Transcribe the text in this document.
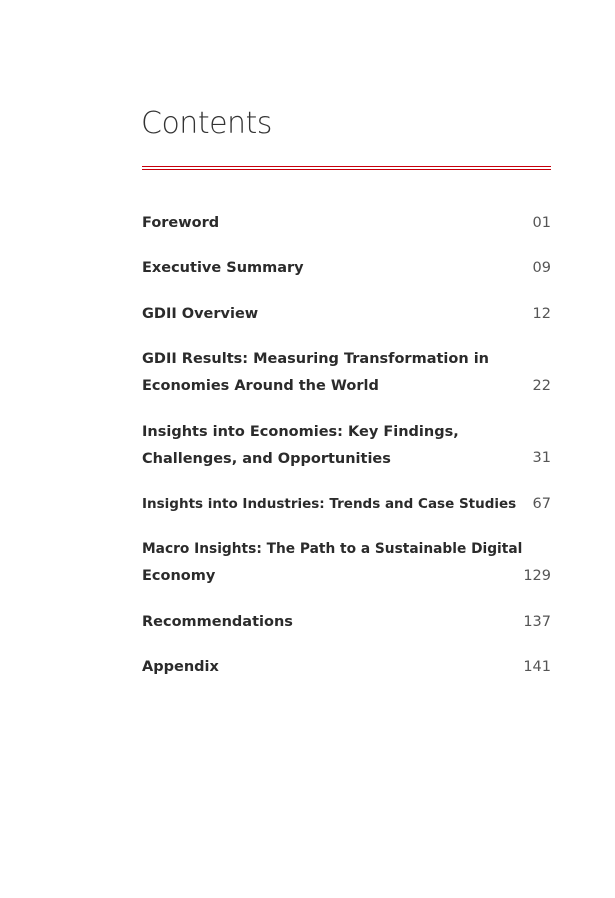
Contents
Foreword	01
Executive Summary	09
GDII Overview	12
GDII Results: Measuring Transformation in
Economies Around the World	22
Insights into Economies: Key Findings,
Challenges, and Opportunities	31
Insights into Industries: Trends and Case Studies	67
Macro Insights: The Path to a Sustainable Digital
Economy	129
Recommendations	137
Appendix	141
